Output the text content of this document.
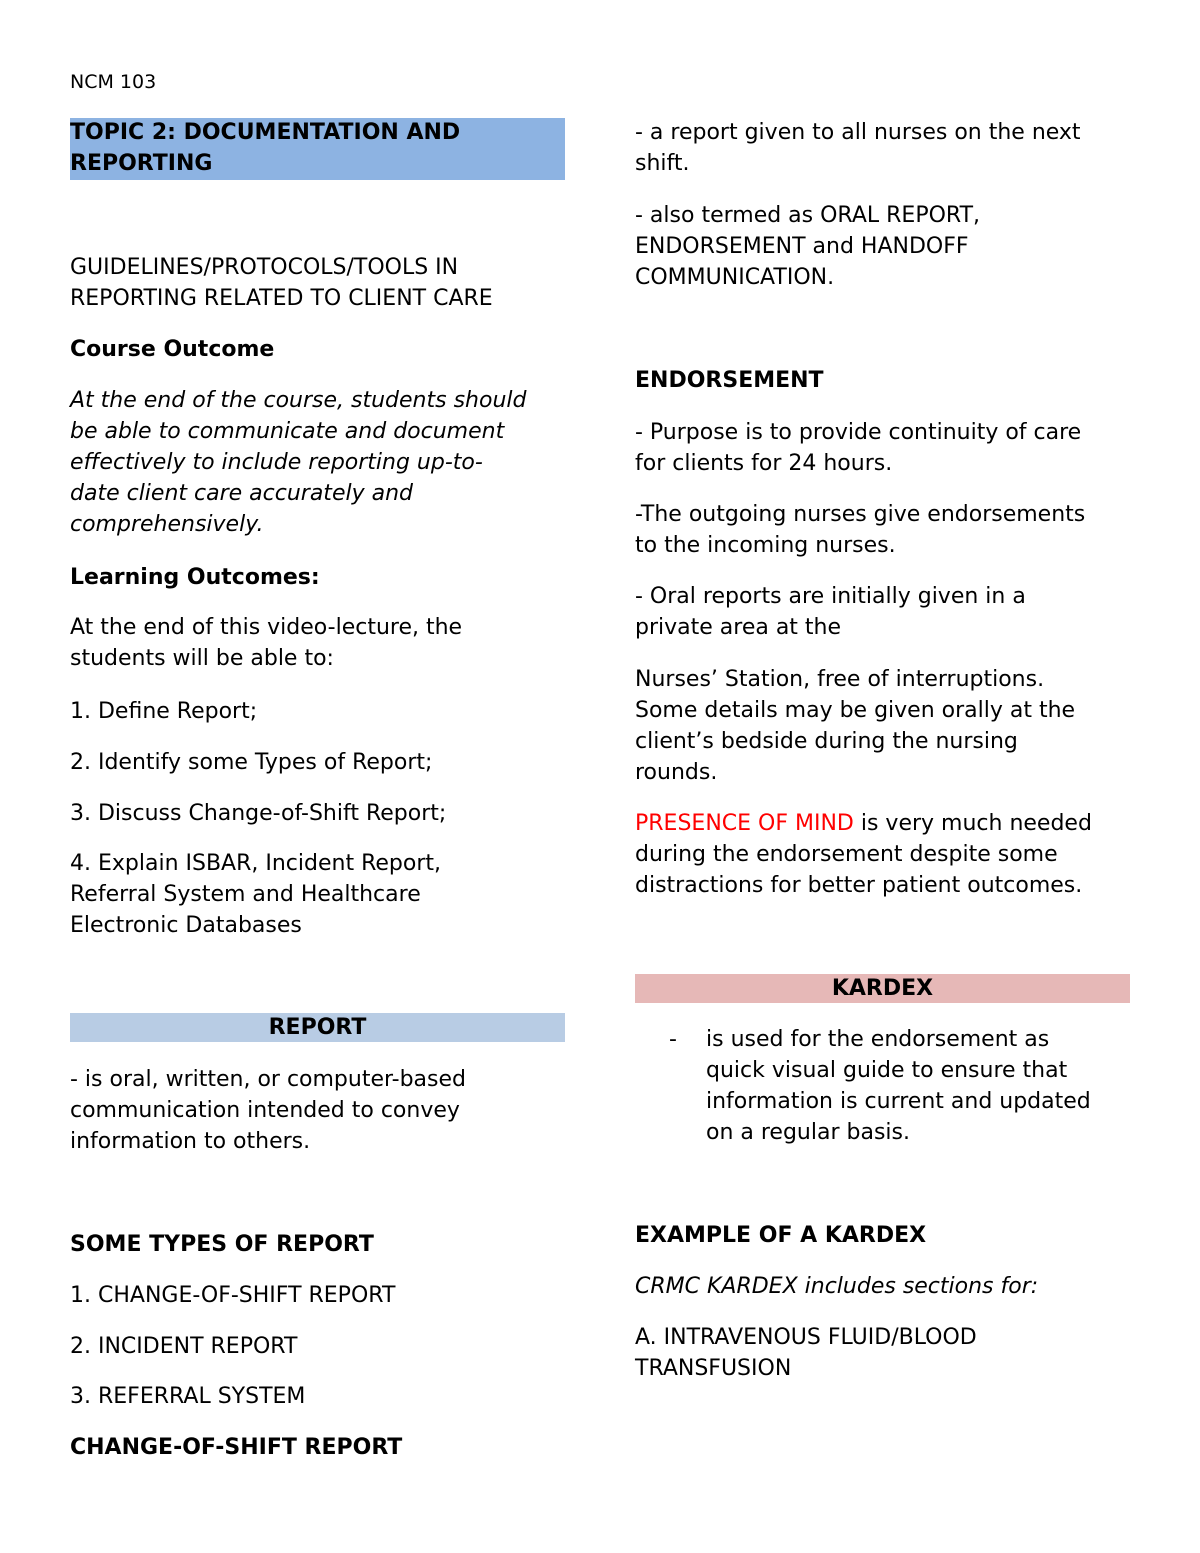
NCM 103
REPORT
KARDEX

TOPIC 2: DOCUMENTATION AND

REPORTING

GUIDELINES/PROTOCOLS/TOOLS IN

REPORTING RELATED TO CLIENT CARE

Course Outcome

At the end of the course, students should

be able to communicate and document

effectively to include reporting up-to-

date client care accurately and

comprehensively.

Learning Outcomes:

At the end of this video-lecture, the

students will be able to:

1. Define Report;
2. Identify some Types of Report;
3. Discuss Change-of-Shift Report;

4. Explain ISBAR, Incident Report,

Referral System and Healthcare

Electronic Databases

- is oral, written, or computer-based

communication intended to convey

information to others.

SOME TYPES OF REPORT
1. CHANGE-OF-SHIFT REPORT
2. INCIDENT REPORT
3. REFERRAL SYSTEM
CHANGE-OF-SHIFT REPORT

- a report given to all nurses on the next

shift.

- also termed as ORAL REPORT,

ENDORSEMENT and HANDOFF

COMMUNICATION.

ENDORSEMENT

- Purpose is to provide continuity of care

for clients for 24 hours.

-The outgoing nurses give endorsements

to the incoming nurses.

- Oral reports are initially given in a

private area at the

Nurses’ Station, free of interruptions.

Some details may be given orally at the

client’s bedside during the nursing

rounds.

PRESENCE OF MIND is very much needed

during the endorsement despite some

distractions for better patient outcomes.

- is used for the endorsement as

quick visual guide to ensure that

information is current and updated

on a regular basis.

EXAMPLE OF A KARDEX
CRMC KARDEX includes sections for:

A. INTRAVENOUS FLUID/BLOOD

TRANSFUSION
